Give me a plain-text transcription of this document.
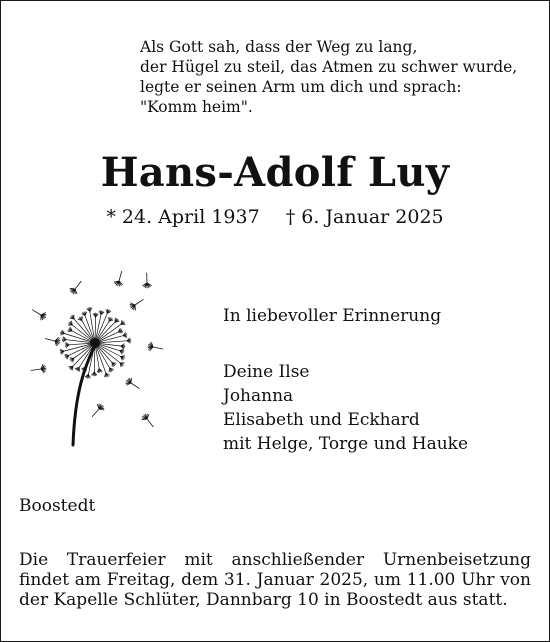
Als Gott sah, dass der Weg zu lang,
der Hügel zu steil, das Atmen zu schwer wurde,
legte er seinen Arm um dich und sprach:
"Komm heim".
Hans-Adolf Luy
* 24. April 1937 † 6. Januar 2025
In liebevoller Erinnerung
Deine Ilse
Johanna
Elisabeth und Eckhard
mit Helge, Torge und Hauke
Boostedt
Die Trauerfeier mit anschließender Urnenbeisetzung
findet am Freitag, dem 31. Januar 2025, um 11.00 Uhr von
der Kapelle Schlüter, Dannbarg 10 in Boostedt aus statt.
